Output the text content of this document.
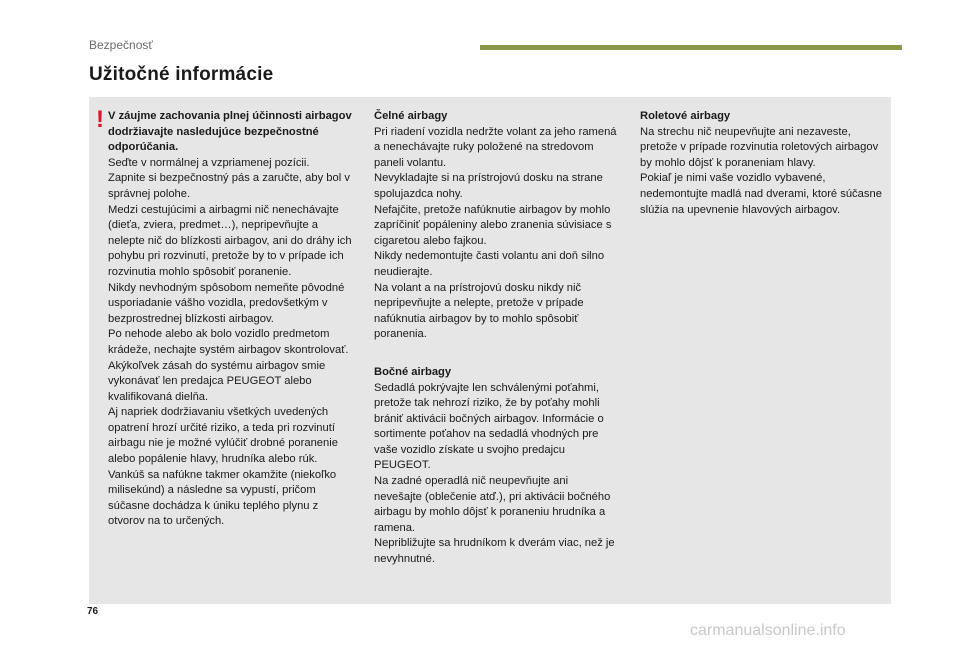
Bezpečnosť
Užitočné informácie
! V záujme zachovania plnej účinnosti airbagov dodržiavajte nasledujúce bezpečnostné odporúčania.

Seďte v normálnej a vzpriamenej pozícii.

Zapnite si bezpečnostný pás a zaručte, aby bol v správnej polohe.

Medzi cestujúcimi a airbagmi nič nenechávajte (dieťa, zviera, predmet…), nepripevňujte a nelepte nič do blízkosti airbagov, ani do dráhy ich pohybu pri rozvinutí, pretože by to v prípade ich rozvinutia mohlo spôsobiť poranenie.

Nikdy nevhodným spôsobom nemeňte pôvodné usporiadanie vášho vozidla, predovšetkým v bezprostrednej blízkosti airbagov.

Po nehode alebo ak bolo vozidlo predmetom krádeže, nechajte systém airbagov skontrolovať.

Akýkoľvek zásah do systému airbagov smie vykonávať len predajca PEUGEOT alebo kvalifikovaná dielňa.

Aj napriek dodržiavaniu všetkých uvedených opatrení hrozí určité riziko, a teda pri rozvinutí airbagu nie je možné vylúčiť drobné poranenie alebo popálenie hlavy, hrudníka alebo rúk. Vankúš sa nafúkne takmer okamžite (niekoľko milisekúnd) a následne sa vypustí, pričom súčasne dochádza k úniku teplého plynu z otvorov na to určených.

Čelné airbagy

Pri riadení vozidla nedržte volant za jeho ramená a nenechávajte ruky položené na stredovom paneli volantu.

Nevykladajte si na prístrojovú dosku na strane spolujazdca nohy.

Nefajčite, pretože nafúknutie airbagov by mohlo zapríčiniť popáleniny alebo zranenia súvisiace s cigaretou alebo fajkou.

Nikdy nedemontujte časti volantu ani doň silno neudierajte.

Na volant a na prístrojovú dosku nikdy nič nepripevňujte a nelepte, pretože v prípade nafúknutia airbagov by to mohlo spôsobiť poranenia.

Bočné airbagy

Sedadlá pokrývajte len schválenými poťahmi, pretože tak nehrozí riziko, že by poťahy mohli brániť aktivácii bočných airbagov. Informácie o sortimente poťahov na sedadlá vhodných pre vaše vozidlo získate u svojho predajcu PEUGEOT.

Na zadné operadlá nič neupevňujte ani nevešajte (oblečenie atď.), pri aktivácii bočného airbagu by mohlo dôjsť k poraneniu hrudníka a ramena.

Nepribližujte sa hrudníkom k dverám viac, než je nevyhnutné.

Roletové airbagy

Na strechu nič neupevňujte ani nezaveste, pretože v prípade rozvinutia roletových airbagov by mohlo dôjsť k poraneniam hlavy.

Pokiaľ je nimi vaše vozidlo vybavené, nedemontujte madlá nad dverami, ktoré súčasne slúžia na upevnenie hlavových airbagov.

76
carmanualsonline.info
